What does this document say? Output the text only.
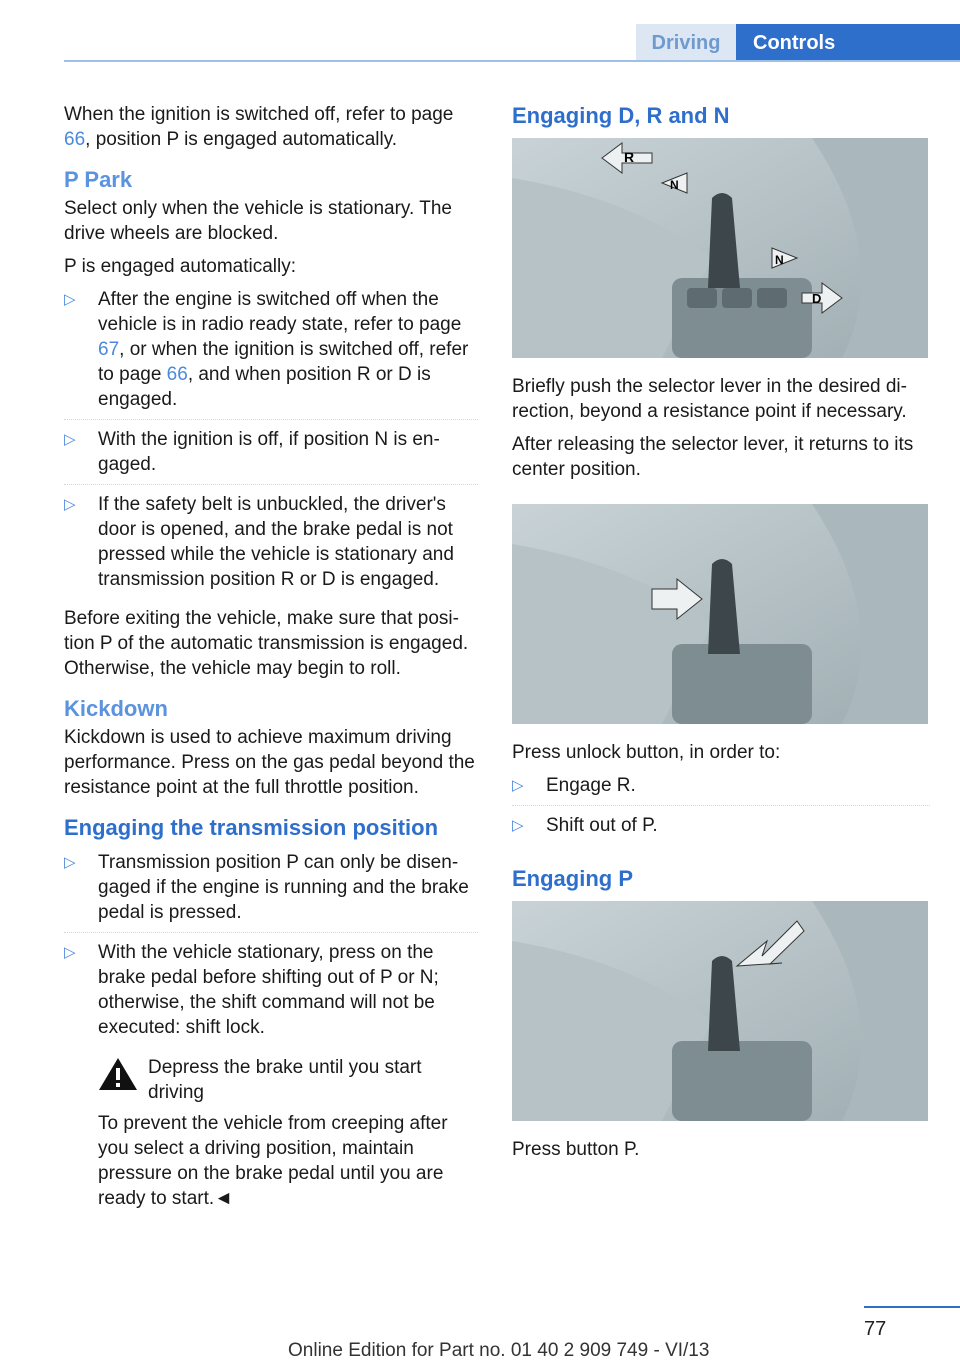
Driving	Controls

When the ignition is switched off, refer to page 66, position P is engaged automatically.

P Park

Select only when the vehicle is stationary. The drive wheels are blocked.

P is engaged automatically:

▷ After the engine is switched off when the vehicle is in radio ready state, refer to page 67, or when the ignition is switched off, refer to page 66, and when position R or D is engaged.
▷ With the ignition is off, if position N is engaged.
▷ If the safety belt is unbuckled, the driver's door is opened, and the brake pedal is not pressed while the vehicle is stationary and transmission position R or D is engaged.

Before exiting the vehicle, make sure that position P of the automatic transmission is engaged. Otherwise, the vehicle may begin to roll.

Kickdown

Kickdown is used to achieve maximum driving performance. Press on the gas pedal beyond the resistance point at the full throttle position.

Engaging the transmission position
▷ Transmission position P can only be disengaged if the engine is running and the brake pedal is pressed.
▷ With the vehicle stationary, press on the brake pedal before shifting out of P or N; otherwise, the shift command will not be executed: shift lock.
Depress the brake until you start driving

To prevent the vehicle from creeping after you select a driving position, maintain pressure on the brake pedal until you are ready to start.◄

Engaging D, R and N
R
N
N
D

Briefly push the selector lever in the desired direction, beyond a resistance point if necessary.

After releasing the selector lever, it returns to its center position.

Press unlock button, in order to:

▷ Engage R.
▷ Shift out of P.
Engaging P

Press button P.

77
Online Edition for Part no. 01 40 2 909 749 - VI/13
